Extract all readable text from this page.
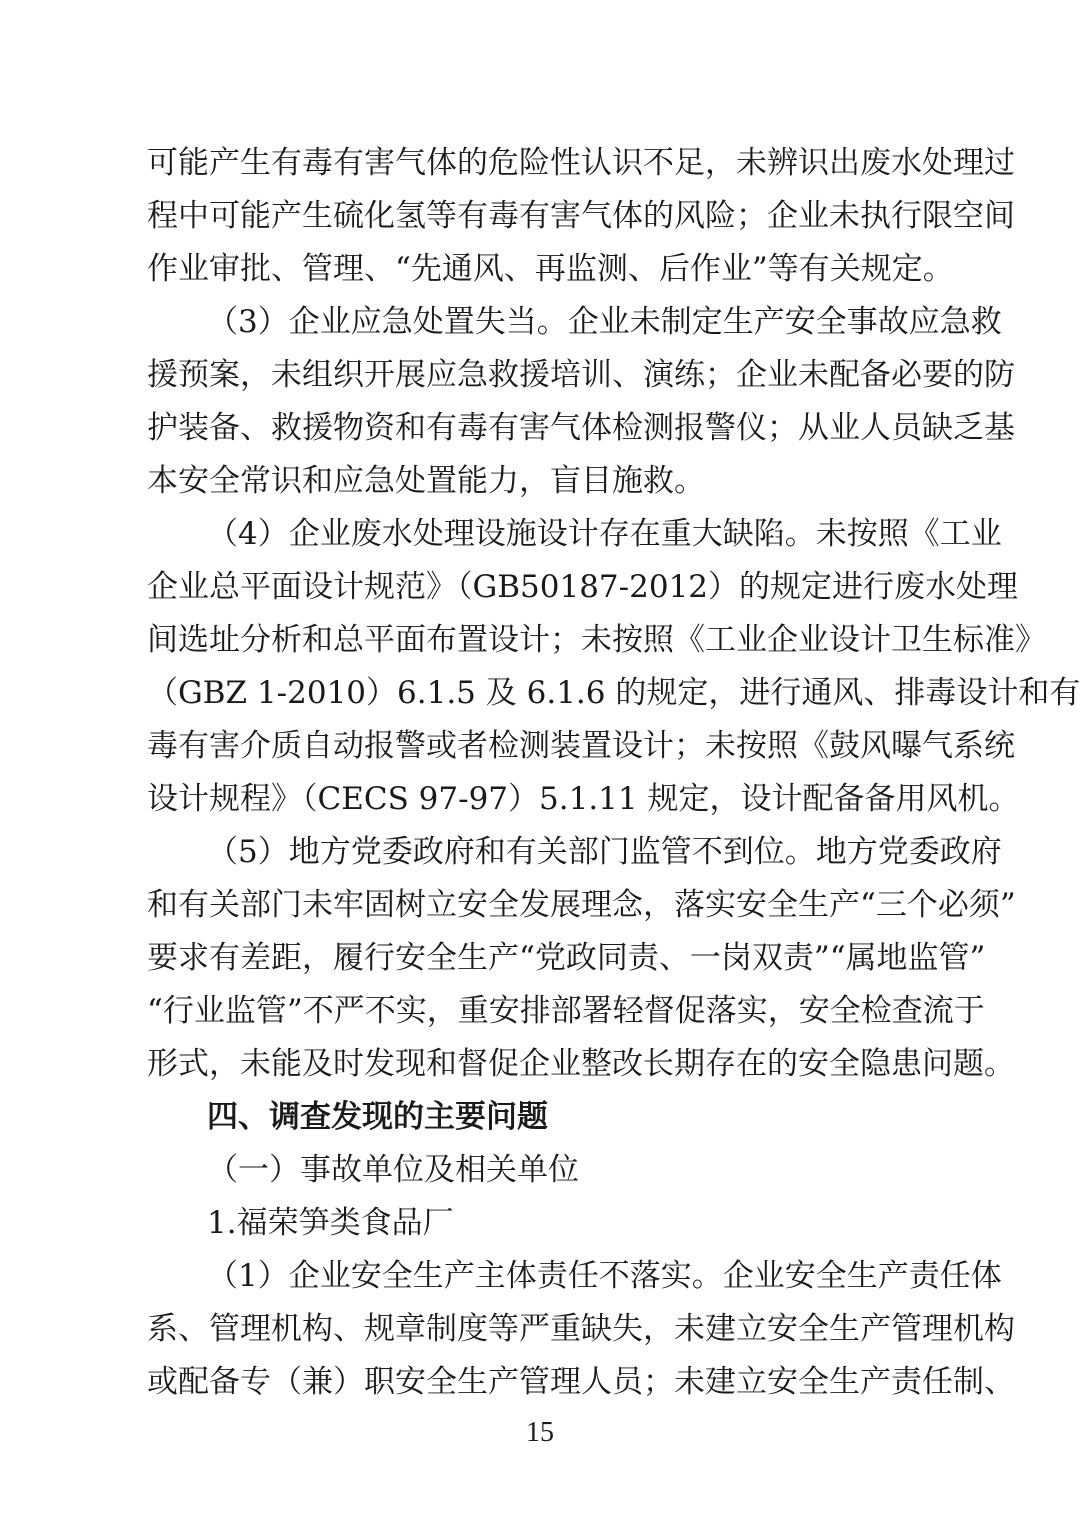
可能产生有毒有害气体的危险性认识不足，未辨识出废水处理过
程中可能产生硫化氢等有毒有害气体的风险；企业未执行限空间
作业审批、管理、“先通风、再监测、后作业”等有关规定。
（3）企业应急处置失当。企业未制定生产安全事故应急救
援预案，未组织开展应急救援培训、演练；企业未配备必要的防
护装备、救援物资和有毒有害气体检测报警仪；从业人员缺乏基
本安全常识和应急处置能力，盲目施救。
（4）企业废水处理设施设计存在重大缺陷。未按照《工业
企业总平面设计规范》（GB50187-2012）的规定进行废水处理
间选址分析和总平面布置设计；未按照《工业企业设计卫生标准》
（GBZ 1-2010）6.1.5 及 6.1.6 的规定，进行通风、排毒设计和有
毒有害介质自动报警或者检测装置设计；未按照《鼓风曝气系统
设计规程》（CECS 97-97）5.1.11 规定，设计配备备用风机。
（5）地方党委政府和有关部门监管不到位。地方党委政府
和有关部门未牢固树立安全发展理念，落实安全生产“三个必须”
要求有差距，履行安全生产“党政同责、一岗双责”“属地监管”
“行业监管”不严不实，重安排部署轻督促落实，安全检查流于
形式，未能及时发现和督促企业整改长期存在的安全隐患问题。
四、调查发现的主要问题
（一）事故单位及相关单位
1.福荣笋类食品厂
（1）企业安全生产主体责任不落实。企业安全生产责任体
系、管理机构、规章制度等严重缺失，未建立安全生产管理机构
或配备专（兼）职安全生产管理人员；未建立安全生产责任制、
15
